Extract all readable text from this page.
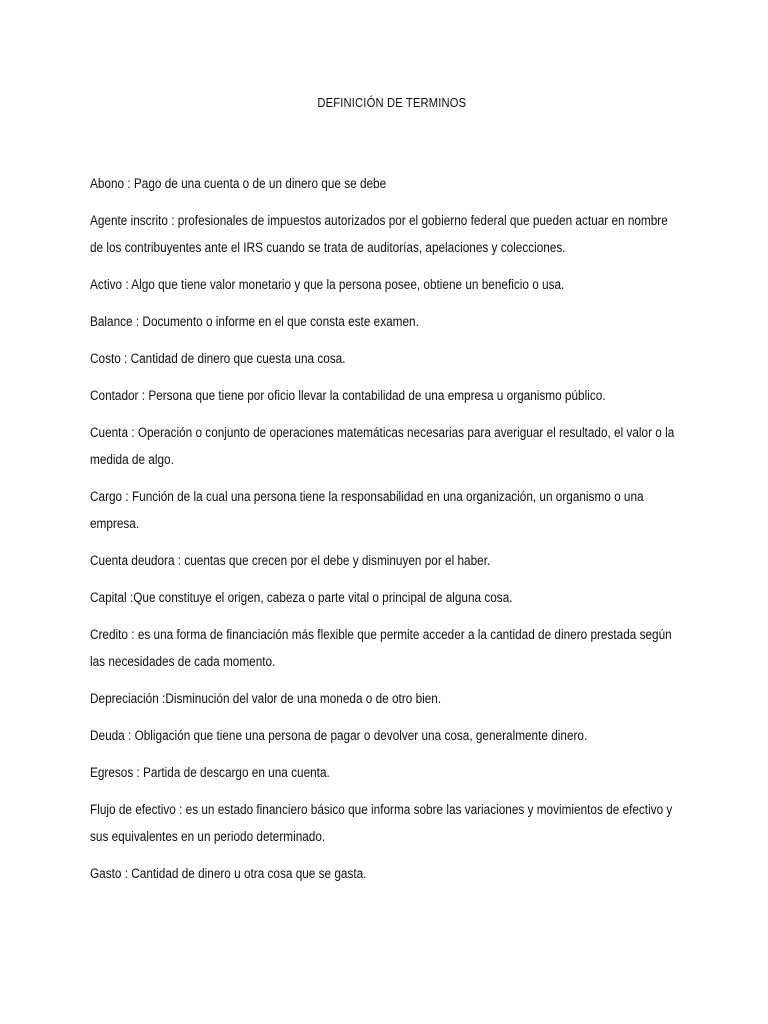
DEFINICIÓN DE TERMINOS

Abono : Pago de una cuenta o de un dinero que se debe

Agente inscrito : profesionales de impuestos autorizados por el gobierno federal que pueden actuar en nombre de los contribuyentes ante el IRS cuando se trata de auditorías, apelaciones y colecciones.

Activo : Algo que tiene valor monetario y que la persona posee, obtiene un beneficio o usa.

Balance : Documento o informe en el que consta este examen.

Costo : Cantidad de dinero que cuesta una cosa.

Contador : Persona que tiene por oficio llevar la contabilidad de una empresa u organismo público.

Cuenta : Operación o conjunto de operaciones matemáticas necesarias para averiguar el resultado, el valor o la medida de algo.

Cargo : Función de la cual una persona tiene la responsabilidad en una organización, un organismo o una empresa.

Cuenta deudora : cuentas que crecen por el debe y disminuyen por el haber.

Capital :Que constituye el origen, cabeza o parte vital o principal de alguna cosa.

Credito : es una forma de financiación más flexible que permite acceder a la cantidad de dinero prestada según las necesidades de cada momento.

Depreciación :Disminución del valor de una moneda o de otro bien.

Deuda : Obligación que tiene una persona de pagar o devolver una cosa, generalmente dinero.

Egresos : Partida de descargo en una cuenta.

Flujo de efectivo : es un estado financiero básico que informa sobre las variaciones y movimientos de efectivo y sus equivalentes en un periodo determinado.

Gasto : Cantidad de dinero u otra cosa que se gasta.
